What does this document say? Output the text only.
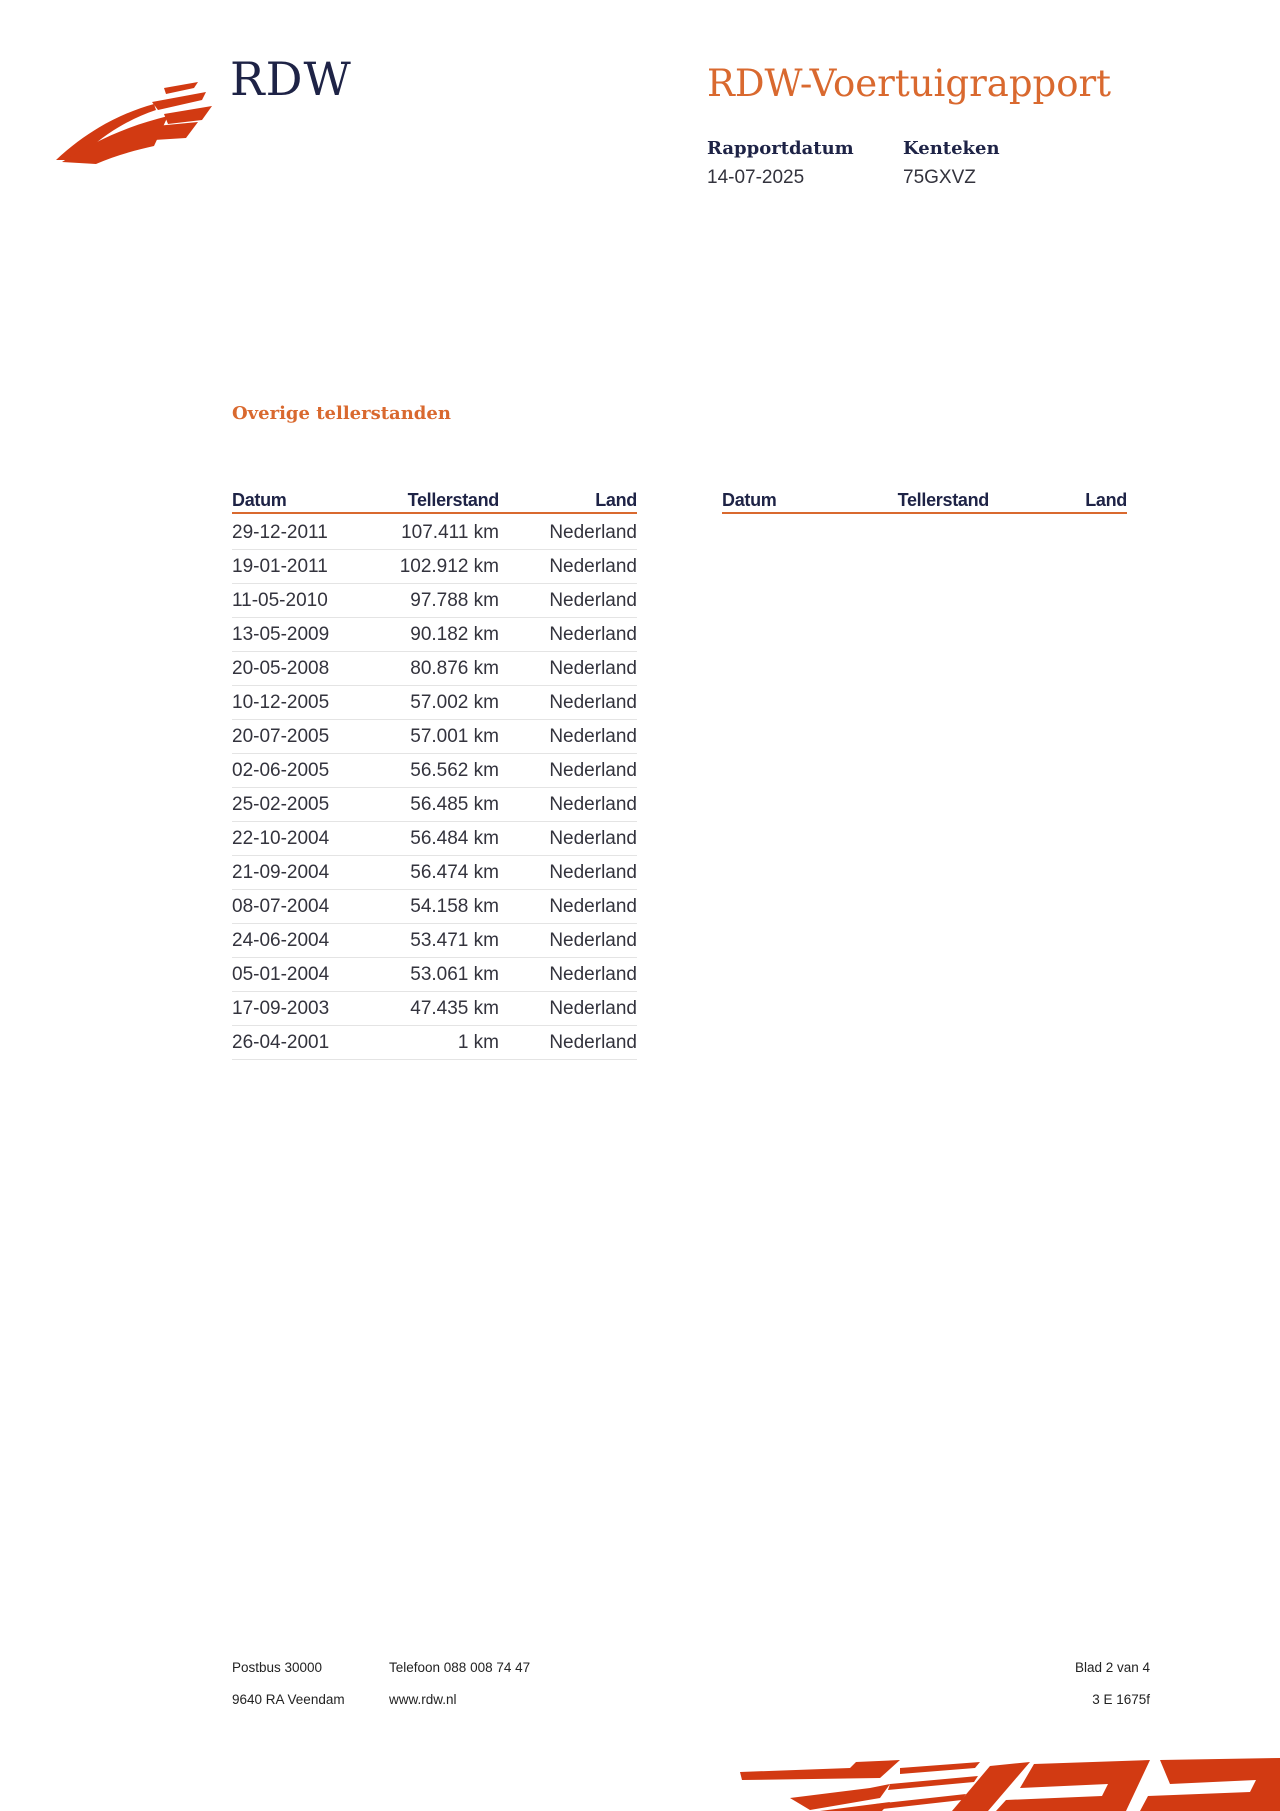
RDW	RDW-Voertuigrapport
Rapportdatum
14-07-2025
Kenteken
75GXVZ
Overige tellerstanden
Datum	Tellerstand	Land
29-12-2011	107.411 km	Nederland
19-01-2011	102.912 km	Nederland
11-05-2010	97.788 km	Nederland
13-05-2009	90.182 km	Nederland
20-05-2008	80.876 km	Nederland
10-12-2005	57.002 km	Nederland
20-07-2005	57.001 km	Nederland
02-06-2005	56.562 km	Nederland
25-02-2005	56.485 km	Nederland
22-10-2004	56.484 km	Nederland
21-09-2004	56.474 km	Nederland
08-07-2004	54.158 km	Nederland
24-06-2004	53.471 km	Nederland
05-01-2004	53.061 km	Nederland
17-09-2003	47.435 km	Nederland
26-04-2001	1 km	Nederland
Datum	Tellerstand	Land
Postbus 30000
9640 RA Veendam
Telefoon 088 008 74 47
www.rdw.nl
Blad 2 van 4
3 E 1675f
